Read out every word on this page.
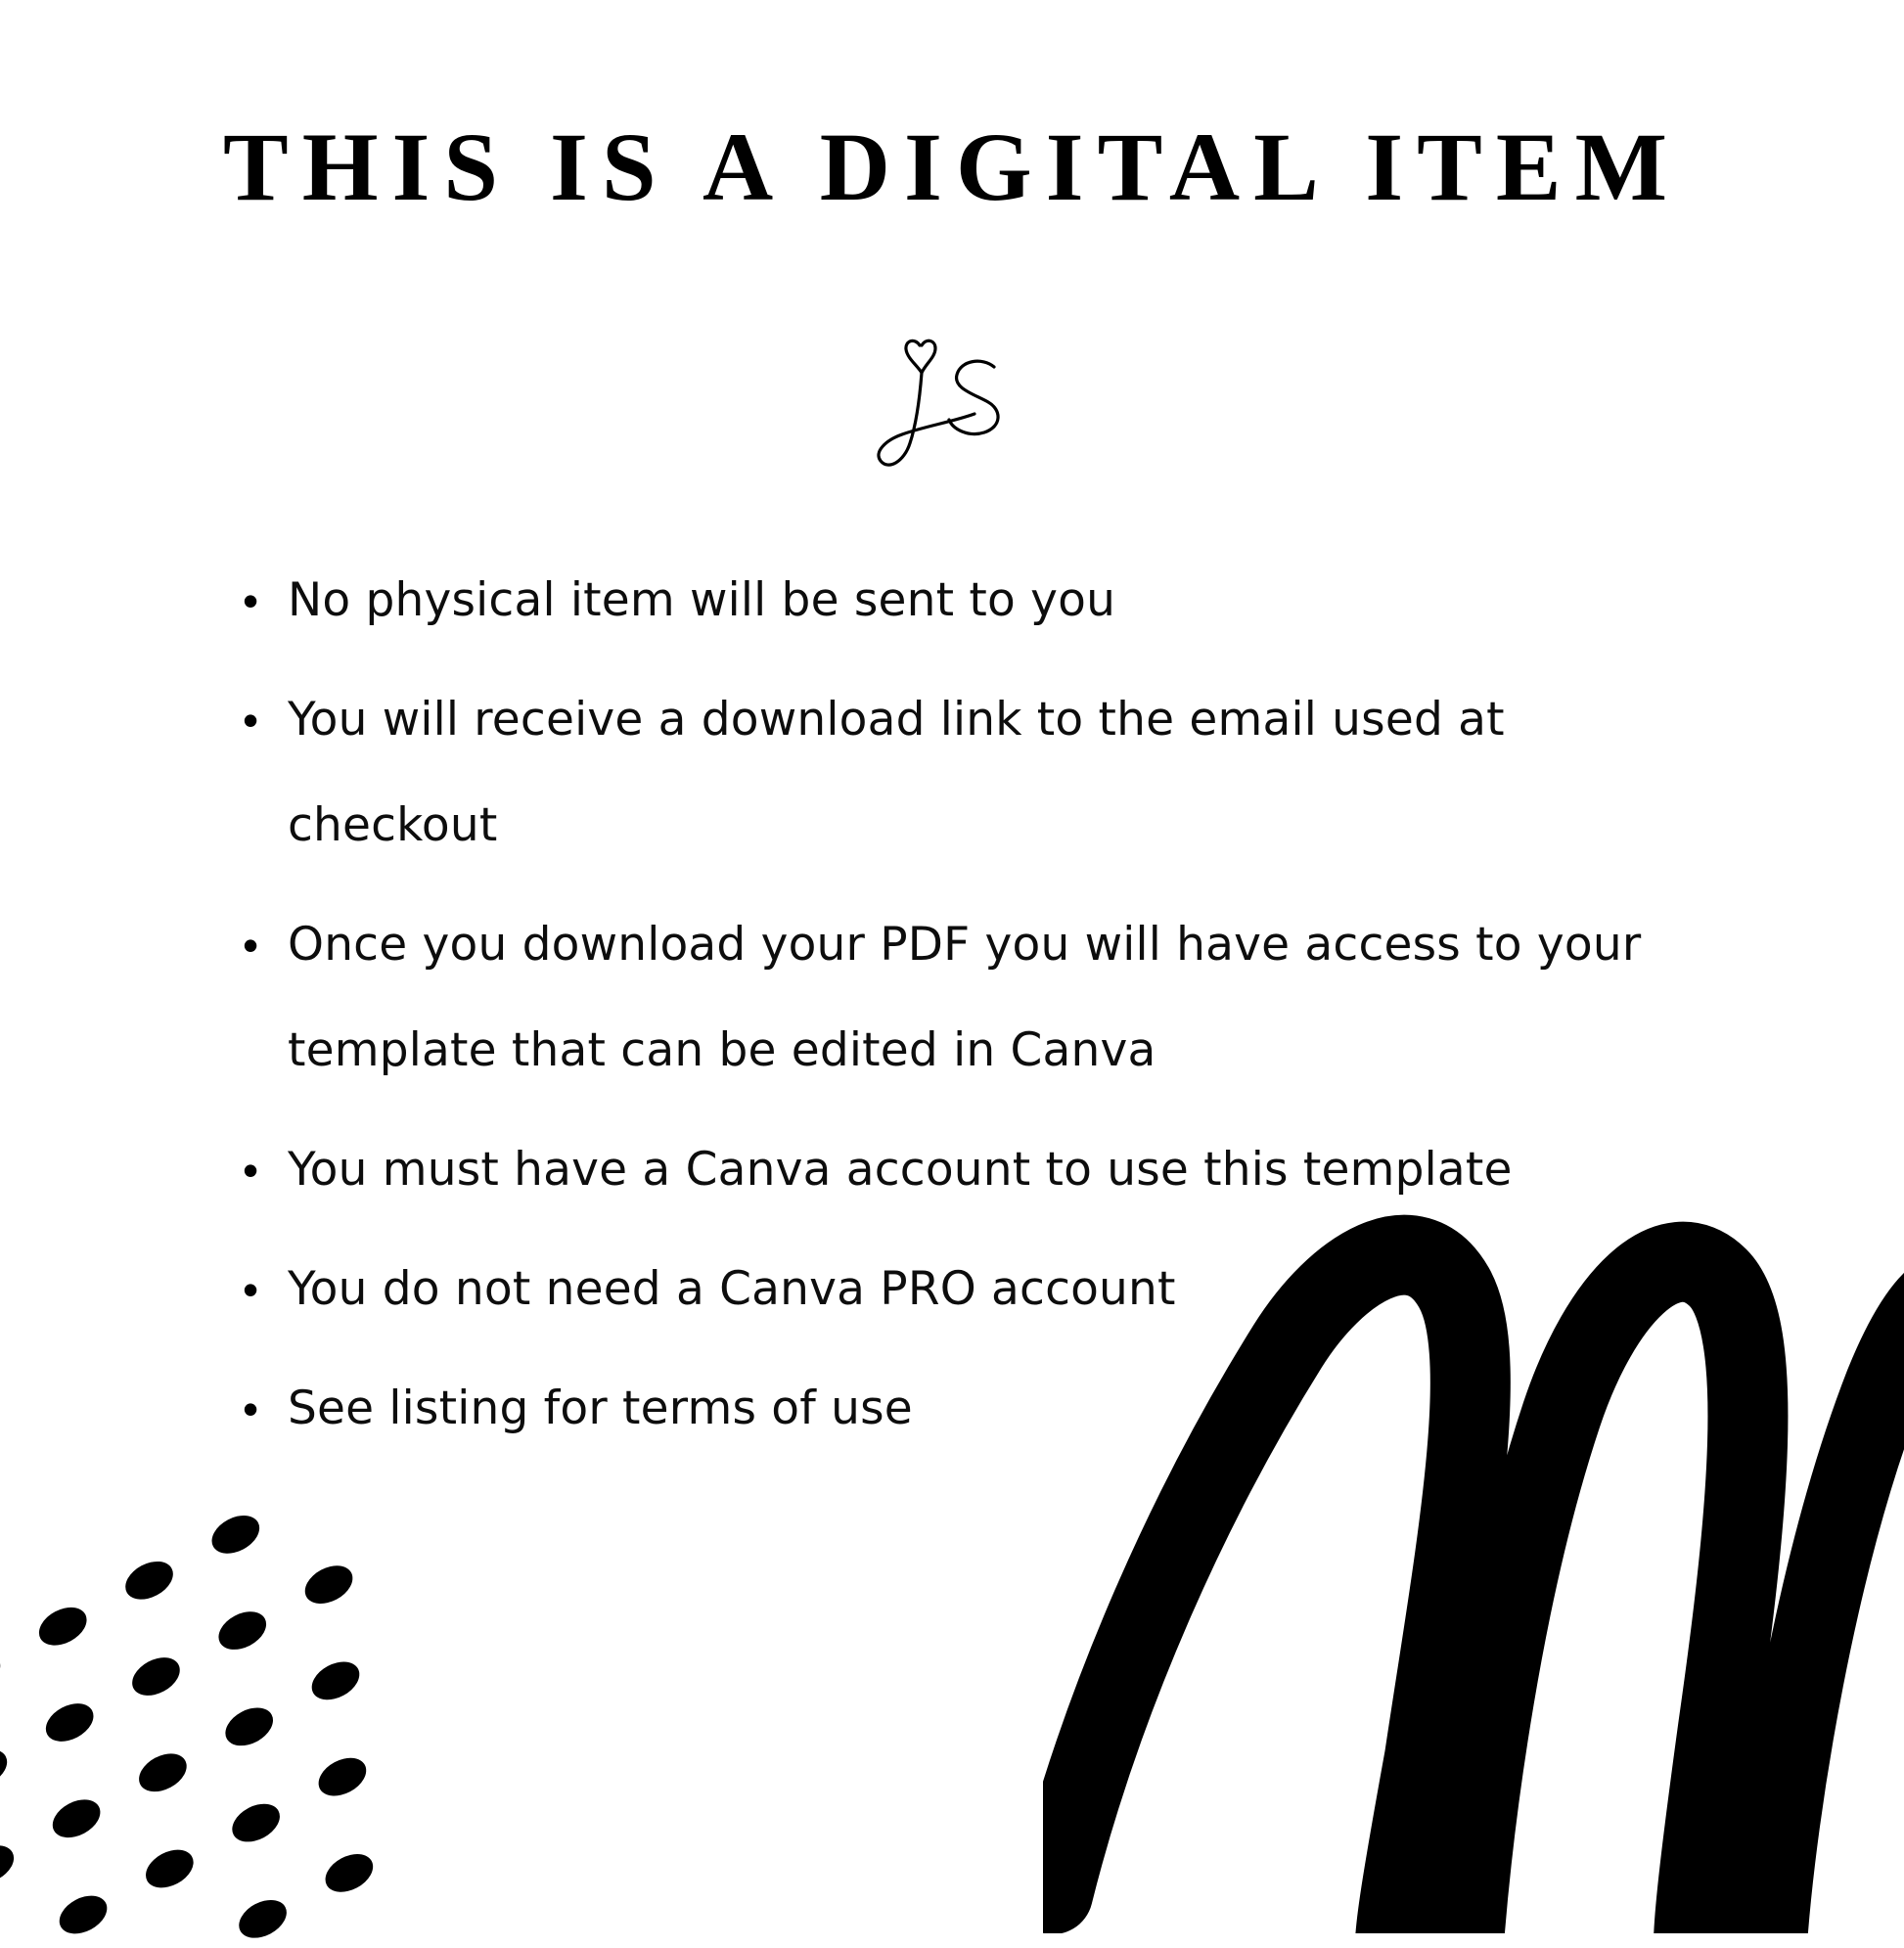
THIS IS A DIGITAL ITEM
• No physical item will be sent to you
• You will receive a download link to the email used at checkout
• Once you download your PDF you will have access to your template that can be edited in Canva
• You must have a Canva account to use this template
• You do not need a Canva PRO account
• See listing for terms of use
